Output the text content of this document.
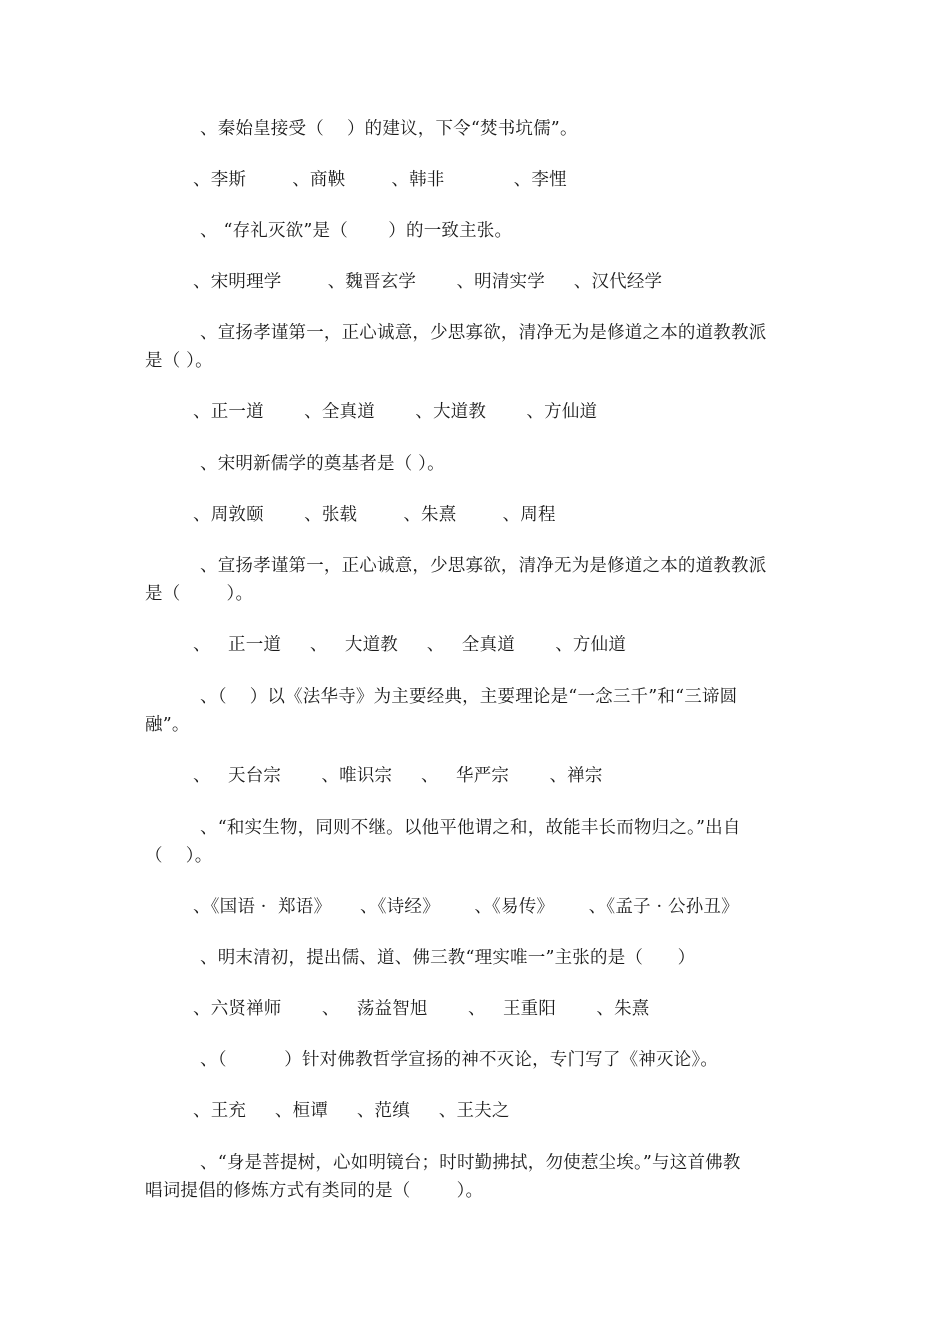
、秦始皇接受（    ）的建议，下令“焚书坑儒”。
、李斯        、商鞅        、韩非            、李悝
、 “存礼灭欲”是（       ）的一致主张。
、宋明理学        、魏晋玄学       、明清实学     、汉代经学
、宣扬孝谨第一，正心诚意，少思寡欲，清净无为是修道之本的道教教派
是（ ）。
、正一道       、全真道       、大道教       、方仙道
、宋明新儒学的奠基者是（ ）。
、周敦颐       、张载        、朱熹        、周程
、宣扬孝谨第一，正心诚意，少思寡欲，清净无为是修道之本的道教教派
是（        ）。
、   正一道     、   大道教     、   全真道       、方仙道
、（    ）以《法华寺》为主要经典，主要理论是“一念三千”和“三谛圆
融”。
、   天台宗       、唯识宗     、   华严宗       、禅宗
、“和实生物，同则不继。以他平他谓之和，故能丰长而物归之。”出自
（    ）。
、《国语 ·  郑语》     、《诗经》      、《易传》      、《孟子 · 公孙丑》
、明末清初，提出儒、道、佛三教“理实唯一”主张的是（      ）
、六贤禅师       、   荡益智旭       、   王重阳       、朱熹
、（          ）针对佛教哲学宣扬的神不灭论，专门写了《神灭论》。
、王充     、桓谭     、范缜     、王夫之
、“身是菩提树，心如明镜台；时时勤拂拭，勿使惹尘埃。”与这首佛教
唱词提倡的修炼方式有类同的是（        ）。
